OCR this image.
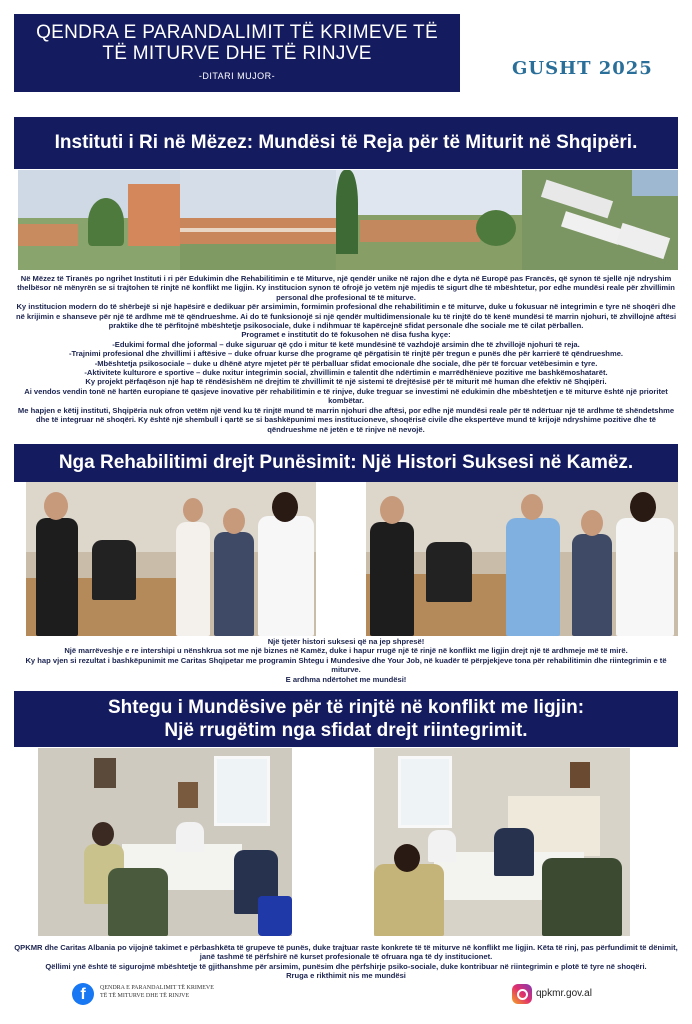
QENDRA E PARANDALIMIT TË KRIMEVE TË
TË MITURVE DHE TË RINJVE
-DITARI MUJOR-	GUSHT 2025
Instituti i Ri në Mëzez: Mundësi të Reja për të Miturit në Shqipëri.

Në Mëzez të Tiranës po ngrihet Instituti i ri për Edukimin dhe Rehabilitimin e të Miturve, një qendër unike në rajon dhe e dyta në Europë pas Francës, që synon të sjellë një ndryshim thelbësor në mënyrën se si trajtohen të rinjtë në konflikt me ligjin. Ky institucion synon të ofrojë jo vetëm një mjedis të sigurt dhe të mbështetur, por edhe mundësi reale për zhvillimin personal dhe profesional të të miturve.

Ky institucion modern do të shërbejë si një hapësirë e dedikuar për arsimimin, formimin profesional dhe rehabilitimin e të miturve, duke u fokusuar në integrimin e tyre në shoqëri dhe në krijimin e shanseve për një të ardhme më të qëndrueshme. Ai do të funksionojë si një qendër multidimensionale ku të rinjtë do të kenë mundësi të marrin njohuri, të zhvillojnë aftësi praktike dhe të përfitojnë mbështetje psikosociale, duke i ndihmuar të kapërcejnë sfidat personale dhe sociale me të cilat përballen.

Programet e institutit do të fokusohen në disa fusha kyçe:

-Edukimi formal dhe joformal – duke siguruar që çdo i mitur të ketë mundësinë të vazhdojë arsimin dhe të zhvillojë njohuri të reja.

-Trajnimi profesional dhe zhvillimi i aftësive – duke ofruar kurse dhe programe që përgatisin të rinjtë për tregun e punës dhe për karrierë të qëndrueshme.

-Mbështetja psikosociale – duke u dhënë atyre mjetet për të përballuar sfidat emocionale dhe sociale, dhe për të forcuar vetëbesimin e tyre.

-Aktivitete kulturore e sportive – duke nxitur integrimin social, zhvillimin e talentit dhe ndërtimin e marrëdhënieve pozitive me bashkëmoshatarët.

Ky projekt përfaqëson një hap të rëndësishëm në drejtim të zhvillimit të një sistemi të drejtësisë për të miturit më human dhe efektiv në Shqipëri.

Ai vendos vendin tonë në hartën europiane të qasjeve inovative për rehabilitimin e të rinjve, duke treguar se investimi në edukimin dhe mbështetjen e të miturve është një prioritet kombëtar.

Me hapjen e këtij instituti, Shqipëria nuk ofron vetëm një vend ku të rinjtë mund të marrin njohuri dhe aftësi, por edhe një mundësi reale për të ndërtuar një të ardhme të shëndetshme dhe të integruar në shoqëri. Ky është një shembull i qartë se si bashkëpunimi mes institucioneve, shoqërisë civile dhe ekspertëve mund të krijojë ndryshime pozitive dhe të qëndrueshme në jetën e të rinjve në nevojë.

Nga Rehabilitimi drejt Punësimit: Një Histori Suksesi në Kamëz.

Një tjetër histori suksesi që na jep shpresë!

Një marrëveshje e re intershipi u nënshkrua sot me një biznes në Kamëz, duke i hapur rrugë një të rinjë në konflikt me ligjin drejt një të ardhmeje më të mirë.

Ky hap vjen si rezultat i bashkëpunimit me Caritas Shqipetar me programin Shtegu i Mundesive dhe Your Job, në kuadër të përpjekjeve tona për rehabilitimin dhe riintegrimin e të miturve.

E ardhma ndërtohet me mundësi!

Shtegu i Mundësive për të rinjtë në konflikt me ligjin:
Një rrugëtim nga sfidat drejt riintegrimit.

QPKMR dhe Caritas Albania po vijojnë takimet e përbashkëta të grupeve të punës, duke trajtuar raste konkrete të të miturve në konflikt me ligjin. Këta të rinj, pas përfundimit të dënimit, janë tashmë të përfshirë në kurset profesionale të ofruara nga të dy institucionet.

Qëllimi ynë është të sigurojmë mbështetje të gjithanshme për arsimim, punësim dhe përfshirje psiko-sociale, duke kontribuar në riintegrimin e plotë të tyre në shoqëri.

Rruga e rikthimit nis me mundësi

f	QENDRA E PARANDALIMIT TË KRIMEVE
TË TË MITURVE DHE TË RINJVE	qpkmr.gov.al
